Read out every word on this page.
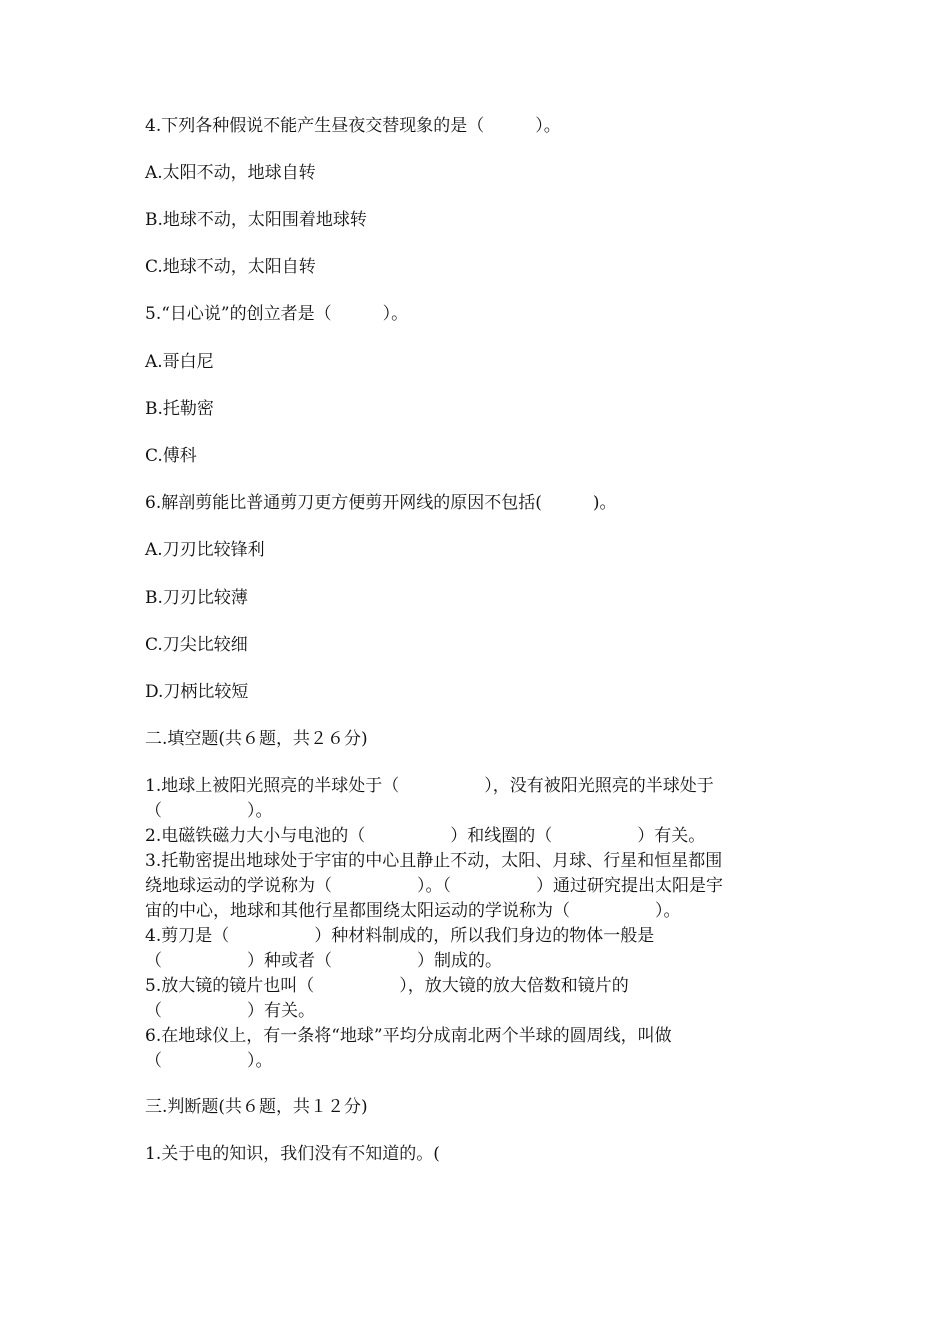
4.下列各种假说不能产生昼夜交替现象的是（　　　）。

A.太阳不动，地球自转

B.地球不动，太阳围着地球转

C.地球不动，太阳自转

5.“日心说”的创立者是（　　　）。

A.哥白尼

B.托勒密

C.傅科

6.解剖剪能比普通剪刀更方便剪开网线的原因不包括(　　　)。

A.刀刃比较锋利

B.刀刃比较薄

C.刀尖比较细

D.刀柄比较短

二.填空题(共６题，共２６分)

1.地球上被阳光照亮的半球处于（　　　　　），没有被阳光照亮的半球处于

（　　　　　）。

2.电磁铁磁力大小与电池的（　　　　　）和线圈的（　　　　　）有关。

3.托勒密提出地球处于宇宙的中心且静止不动，太阳、月球、行星和恒星都围

绕地球运动的学说称为（　　　　　）。（　　　　　）通过研究提出太阳是宇

宙的中心，地球和其他行星都围绕太阳运动的学说称为（　　　　　）。

4.剪刀是（　　　　　）种材料制成的，所以我们身边的物体一般是

（　　　　　）种或者（　　　　　）制成的。

5.放大镜的镜片也叫（　　　　　），放大镜的放大倍数和镜片的

（　　　　　）有关。

6.在地球仪上，有一条将“地球”平均分成南北两个半球的圆周线，叫做

（　　　　　）。

三.判断题(共６题，共１２分)

1.关于电的知识，我们没有不知道的。(
